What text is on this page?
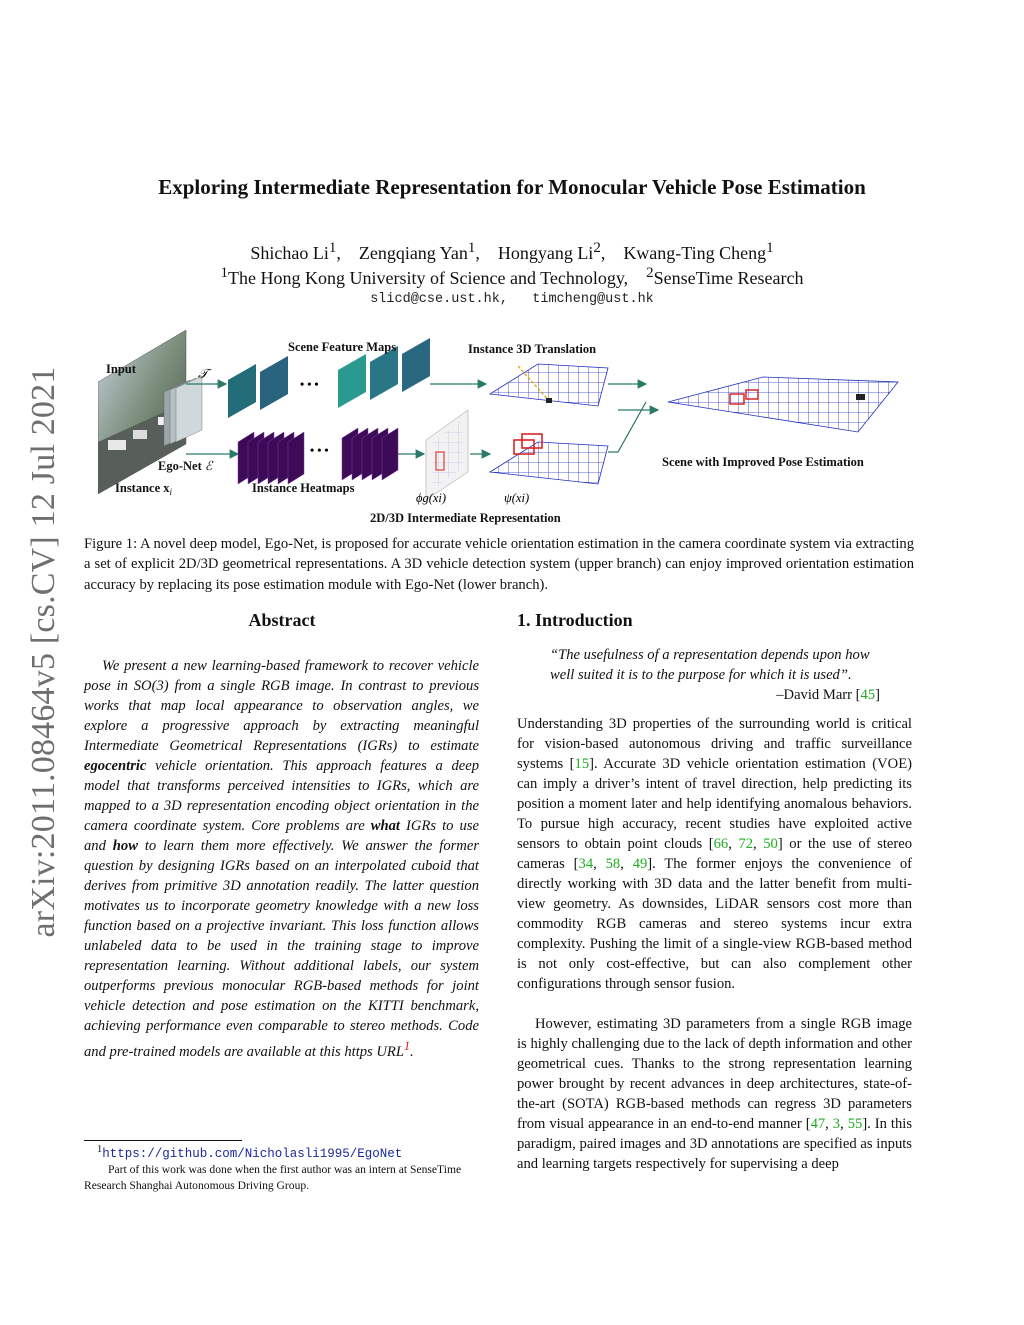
arXiv:2011.08464v5 [cs.CV] 12 Jul 2021
Exploring Intermediate Representation for Monocular Vehicle Pose Estimation
Shichao Li$^1$,    Zengqiang Yan$^1$,    Hongyang Li$^2$,    Kwang-Ting Cheng$^1$
$^1$The Hong Kong University of Science and Technology, $^2$SenseTime Research
slicd@cse.ust.hk, timcheng@ust.hk
Input	𝒯
Scene Feature Maps
• • •
• • •
Instance 3D Translation
Ego-Net ℰ
Instance $x_i$	Instance Heatmaps
ϕg(xi)	ψ(xi)
2D/3D Intermediate Representation
Scene with Improved Pose Estimation
Figure 1: A novel deep model, Ego-Net, is proposed for accurate vehicle orientation estimation in the camera coordinate system via extracting a set of explicit 2D/3D geometrical representations. A 3D vehicle detection system (upper branch) can enjoy improved orientation estimation accuracy by replacing its pose estimation module with Ego-Net (lower branch).
Abstract	1. Introduction
We present a new learning-based framework to recover vehicle pose in SO(3) from a single RGB image. In contrast to previous works that map local appearance to observation angles, we explore a progressive approach by extracting meaningful Intermediate Geometrical Representations (IGRs) to estimate egocentric vehicle orientation. This approach features a deep model that transforms perceived intensities to IGRs, which are mapped to a 3D representation encoding object orientation in the camera coordinate system. Core problems are what IGRs to use and how to learn them more effectively. We answer the former question by designing IGRs based on an interpolated cuboid that derives from primitive 3D annotation readily. The latter question motivates us to incorporate geometry knowledge with a new loss function based on a projective invariant. This loss function allows unlabeled data to be used in the training stage to improve representation learning. Without additional labels, our system outperforms previous monocular RGB-based methods for joint vehicle detection and pose estimation on the KITTI benchmark, achieving performance even comparable to stereo methods. Code and pre-trained models are available at this https URL$^1$.
“The usefulness of a representation depends upon how well suited it is to the purpose for which it is used”.
–David Marr [45]
Understanding 3D properties of the surrounding world is critical for vision-based autonomous driving and traffic surveillance systems [15]. Accurate 3D vehicle orientation estimation (VOE) can imply a driver’s intent of travel direction, help predicting its position a moment later and help identifying anomalous behaviors. To pursue high accuracy, recent studies have exploited active sensors to obtain point clouds [66, 72, 50] or the use of stereo cameras [34, 58, 49]. The former enjoys the convenience of directly working with 3D data and the latter benefit from multi-view geometry. As downsides, LiDAR sensors cost more than commodity RGB cameras and stereo systems incur extra complexity. Pushing the limit of a single-view RGB-based method is not only cost-effective, but can also complement other configurations through sensor fusion.
However, estimating 3D parameters from a single RGB image is highly challenging due to the lack of depth information and other geometrical cues. Thanks to the strong representation learning power brought by recent advances in deep architectures, state-of-the-art (SOTA) RGB-based methods can regress 3D parameters from visual appearance in an end-to-end manner [47, 3, 55]. In this paradigm, paired images and 3D annotations are specified as inputs and learning targets respectively for supervising a deep
$^1$https://github.com/Nicholasli1995/EgoNet
Part of this work was done when the first author was an intern at SenseTime Research Shanghai Autonomous Driving Group.
